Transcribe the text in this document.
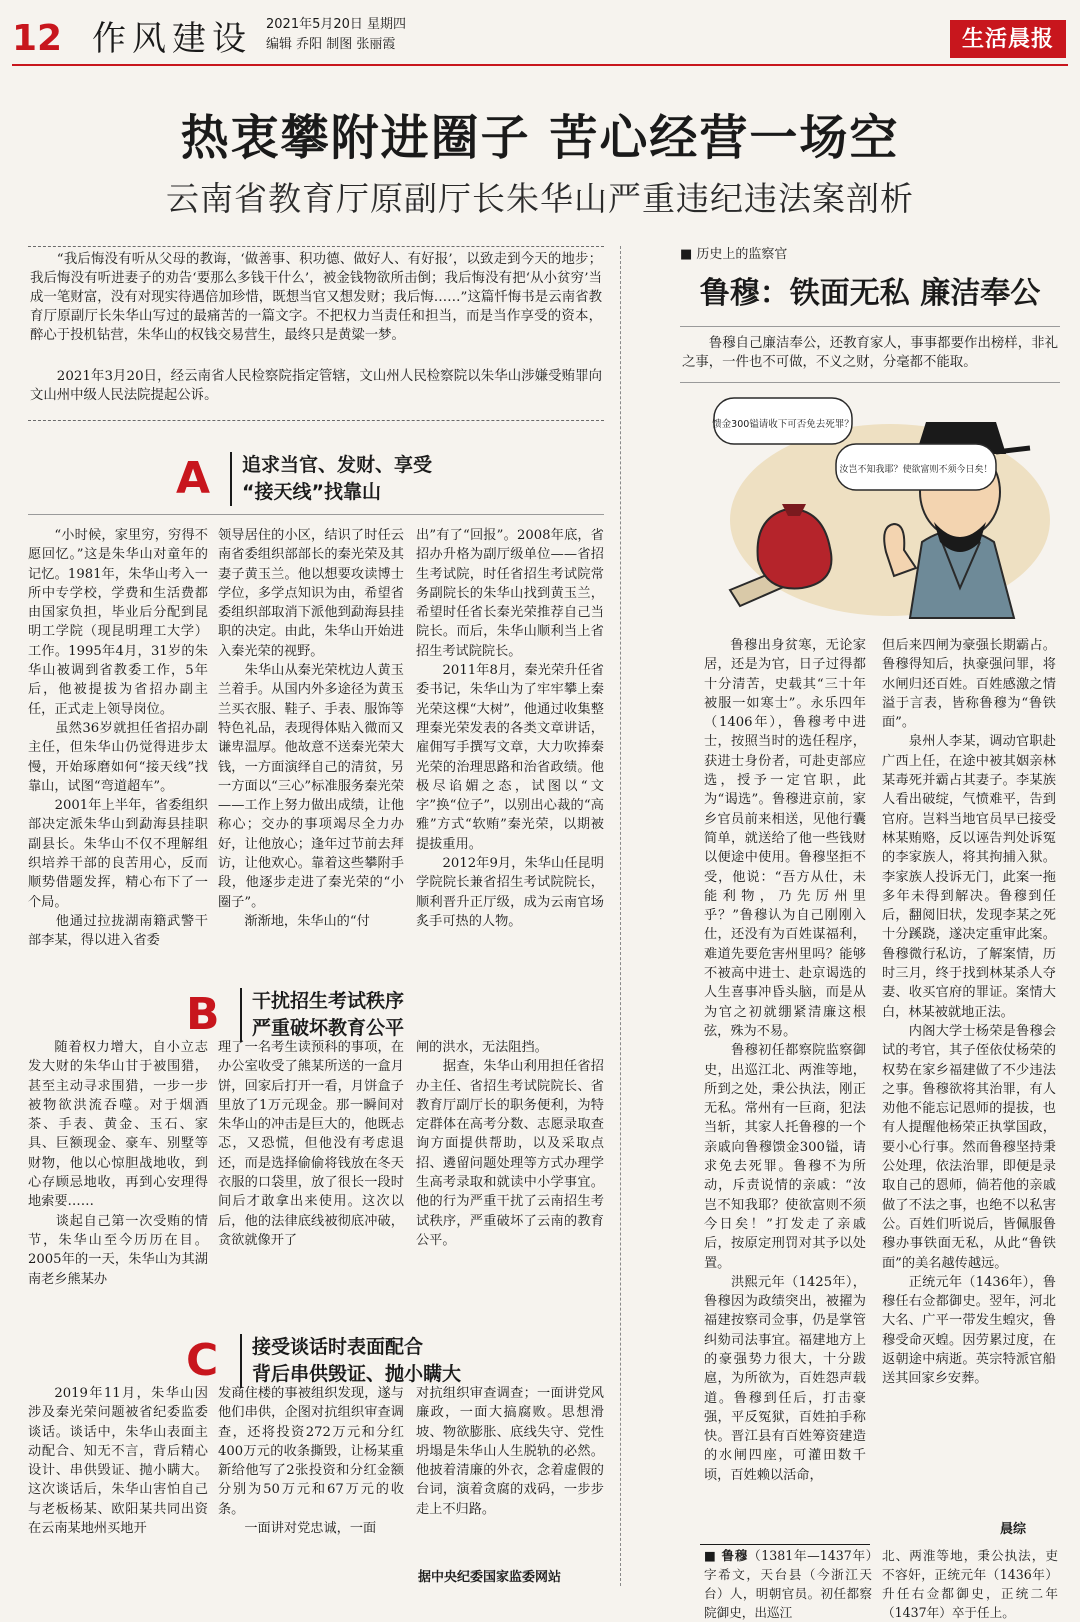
12 作风建设 2021年5月20日 星期四
编辑 乔阳 制图 张丽霞	生活晨报
热衷攀附进圈子 苦心经营一场空
云南省教育厅原副厅长朱华山严重违纪违法案剖析
“我后悔没有听从父母的教诲，‘做善事、积功德、做好人、有好报’，以致走到今天的地步；我后悔没有听进妻子的劝告‘要那么多钱干什么’，被金钱物欲所击倒；我后悔没有把‘从小贫穷’当成一笔财富，没有对现实待遇倍加珍惜，既想当官又想发财；我后悔……”这篇忏悔书是云南省教育厅原副厅长朱华山写过的最痛苦的一篇文字。不把权力当责任和担当，而是当作享受的资本，醉心于投机钻营，朱华山的权钱交易营生，最终只是黄粱一梦。
2021年3月20日，经云南省人民检察院指定管辖，文山州人民检察院以朱华山涉嫌受贿罪向文山州中级人民法院提起公诉。
A 追求当官、发财、享受
“接天线”找靠山
“小时候，家里穷，穷得不愿回忆。”这是朱华山对童年的记忆。1981年，朱华山考入一所中专学校，学费和生活费都由国家负担，毕业后分配到昆明工学院（现昆明理工大学）工作。1995年4月，31岁的朱华山被调到省教委工作，5年后，他被提拔为省招办副主任，正式走上领导岗位。
　　虽然36岁就担任省招办副主任，但朱华山仍觉得进步太慢，开始琢磨如何“接天线”找靠山，试图“弯道超车”。
　　2001年上半年，省委组织部决定派朱华山到勐海县挂职副县长。朱华山不仅不理解组织培养干部的良苦用心，反而顺势借题发挥，精心布下了一个局。
　　他通过拉拢湖南籍武警干部李某，得以进入省委
领导居住的小区，结识了时任云南省委组织部部长的秦光荣及其妻子黄玉兰。他以想要攻读博士学位，多学点知识为由，希望省委组织部取消下派他到勐海县挂职的决定。由此，朱华山开始进入秦光荣的视野。
　　朱华山从秦光荣枕边人黄玉兰着手。从国内外多途径为黄玉兰买衣服、鞋子、手表、服饰等特色礼品，表现得体贴入微而又谦卑温厚。他故意不送秦光荣大钱，一方面演绎自己的清贫，另一方面以“三心”标准服务秦光荣——工作上努力做出成绩，让他称心；交办的事项竭尽全力办好，让他放心；逢年过节前去拜访，让他欢心。靠着这些攀附手段，他逐步走进了秦光荣的“小圈子”。
　　渐渐地，朱华山的“付
出”有了“回报”。2008年底，省招办升格为副厅级单位——省招生考试院，时任省招生考试院常务副院长的朱华山找到黄玉兰，希望时任省长秦光荣推荐自己当院长。而后，朱华山顺利当上省招生考试院院长。
　　2011年8月，秦光荣升任省委书记，朱华山为了牢牢攀上秦光荣这棵“大树”，他通过收集整理秦光荣发表的各类文章讲话，雇佣写手撰写文章，大力吹捧秦光荣的治理思路和治省政绩。他极尽谄媚之态，试图以“文字”换“位子”，以别出心裁的“高雅”方式“软贿”秦光荣，以期被提拔重用。
　　2012年9月，朱华山任昆明学院院长兼省招生考试院院长，顺利晋升正厅级，成为云南官场炙手可热的人物。
B 干扰招生考试秩序
严重破坏教育公平
随着权力增大，自小立志发大财的朱华山甘于被围猎，甚至主动寻求围猎，一步一步被物欲洪流吞噬。对于烟酒茶、手表、黄金、玉石、家具、巨额现金、豪车、别墅等财物，他以心惊胆战地收，到心存顾忌地收，再到心安理得地索要……
　　谈起自己第一次受贿的情节，朱华山至今历历在目。2005年的一天，朱华山为其湖南老乡熊某办
理了一名考生读预科的事项，在办公室收受了熊某所送的一盒月饼，回家后打开一看，月饼盒子里放了1万元现金。那一瞬间对朱华山的冲击是巨大的，他既忐忑，又恐慌，但他没有考虑退还，而是选择偷偷将钱放在冬天衣服的口袋里，放了很长一段时间后才敢拿出来使用。这次以后，他的法律底线被彻底冲破，贪欲就像开了
闸的洪水，无法阻挡。
　　据查，朱华山利用担任省招办主任、省招生考试院院长、省教育厅副厅长的职务便利，为特定群体在高考分数、志愿录取查询方面提供帮助，以及采取点招、遴留问题处理等方式办理学生高考录取和就读中小学事宜。他的行为严重干扰了云南招生考试秩序，严重破坏了云南的教育公平。
C 接受谈话时表面配合
背后串供毁证、抛小瞒大
2019年11月，朱华山因涉及秦光荣问题被省纪委监委谈话。谈话中，朱华山表面主动配合、知无不言，背后精心设计、串供毁证、抛小瞒大。这次谈话后，朱华山害怕自己与老板杨某、欧阳某共同出资在云南某地州买地开
发商住楼的事被组织发现，遂与他们串供，企图对抗组织审查调查，还将投资272万元和分红400万元的收条撕毁，让杨某重新给他写了2张投资和分红金额分别为50万元和67万元的收条。
　　一面讲对党忠诚，一面
对抗组织审查调查；一面讲党风廉政，一面大搞腐败。思想滑坡、物欲膨胀、底线失守、党性坍塌是朱华山人生脱轨的必然。他披着清廉的外衣，念着虚假的台词，演着贪腐的戏码，一步步走上不归路。
据中央纪委国家监委网站
■ 历史上的监察官
鲁穆：铁面无私 廉洁奉公
鲁穆自己廉洁奉公，还教育家人，事事都要作出榜样，非礼之事，一件也不可做，不义之财，分毫都不能取。
馈金300镒请收下可否免去死罪？
汝岂不知我耶？使欲富则不须今日矣！
鲁穆出身贫寒，无论家居，还是为官，日子过得都十分清苦，史载其“三十年被服一如寒士”。永乐四年（1406年），鲁穆考中进士，按照当时的选任程序，获进士身份者，可赴吏部应选，授予一定官职，此为“谒选”。鲁穆进京前，家乡官员前来相送，见他行囊简单，就送给了他一些钱财以便途中使用。鲁穆坚拒不受，他说：“吾方从仕，未能利物，乃先厉州里乎？”鲁穆认为自己刚刚入仕，还没有为百姓谋福利，难道先要危害州里吗？能够不被高中进士、赴京谒选的人生喜事冲昏头脑，而是从为官之初就绷紧清廉这根弦，殊为不易。
　　鲁穆初任都察院监察御史，出巡江北、两淮等地，所到之处，秉公执法，刚正无私。常州有一巨商，犯法当斩，其家人托鲁穆的一个亲戚向鲁穆馈金300镒，请求免去死罪。鲁穆不为所动，斥责说情的亲戚：“汝岂不知我耶？使欲富则不须今日矣！”打发走了亲戚后，按原定刑罚对其予以处置。
　　洪熙元年（1425年），鲁穆因为政绩突出，被擢为福建按察司佥事，仍是掌管纠劾司法事宜。福建地方上的豪强势力很大，十分跋扈，为所欲为，百姓怨声载道。鲁穆到任后，打击豪强，平反冤狱，百姓拍手称快。晋江县有百姓筹资建造的水闸四座，可灌田数千顷，百姓赖以活命，
但后来四闸为豪强长期霸占。鲁穆得知后，执豪强问罪，将水闸归还百姓。百姓感激之情溢于言表，皆称鲁穆为“鲁铁面”。
　　泉州人李某，调动官职赴广西上任，在途中被其姻亲林某毒死并霸占其妻子。李某族人看出破绽，气愤难平，告到官府。岂料当地官员早已接受林某贿赂，反以诬告判处诉冤的李家族人，将其拘捕入狱。李家族人投诉无门，此案一拖多年未得到解决。鲁穆到任后，翻阅旧状，发现李某之死十分蹊跷，遂决定重审此案。鲁穆微行私访，了解案情，历时三月，终于找到林某杀人夺妻、收买官府的罪证。案情大白，林某被就地正法。
　　内阁大学士杨荣是鲁穆会试的考官，其子侄依仗杨荣的权势在家乡福建做了不少违法之事。鲁穆欲将其治罪，有人劝他不能忘记恩师的提拔，也有人提醒他杨荣正执掌国政，要小心行事。然而鲁穆坚持秉公处理，依法治罪，即便是录取自己的恩师，倘若他的亲戚做了不法之事，也绝不以私害公。百姓们听说后，皆佩服鲁穆办事铁面无私，从此“鲁铁面”的美名越传越远。
　　正统元年（1436年），鲁穆任右佥都御史。翌年，河北大名、广平一带发生蝗灾，鲁穆受命灭蝗。因劳累过度，在返朝途中病逝。英宗特派官船送其回家乡安葬。
晨综
■ 鲁穆（1381年—1437年）字希文，天台县（今浙江天台）人，明朝官员。初任都察院御史，出巡江
北、两淮等地，秉公执法，吏不容奸，正统元年（1436年）升任右佥都御史，正统二年（1437年）卒于任上。
